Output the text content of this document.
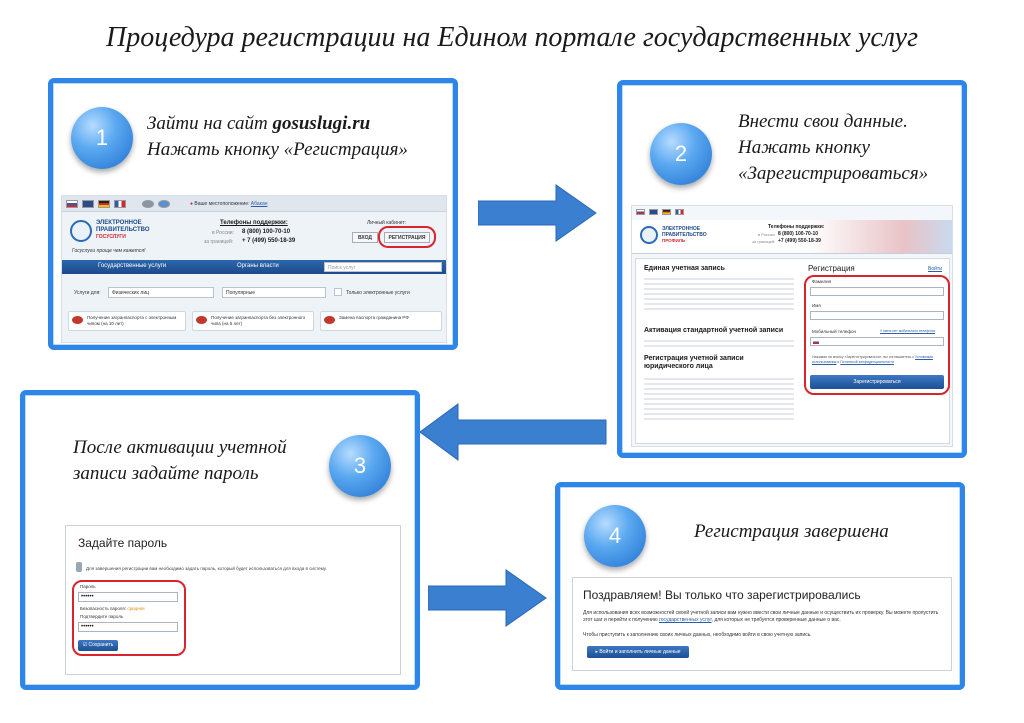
Процедура регистрации на Едином портале государственных услуг
1
Зайти на сайт gosuslugi.ru
Нажать кнопку «Регистрация»
● Ваше местоположение: Абакан
ЭЛЕКТРОННОЕ
ПРАВИТЕЛЬСТВО
ГОСУСЛУГИ
Госуслуги проще чем кажется!
Телефоны поддержки:
в России: 8 (800) 100-70-10
за границей: + 7 (499) 550-18-39
Личный кабинет:
ВХОД	РЕГИСТРАЦИЯ
Государственные услуги	Органы власти	Поиск услуг
Услуги для:	Физических лиц	Популярные	Только электронные услуги
Получение загранпаспорта с электронным чипом (на 10 лет)
Получение загранпаспорта без электронного чипа (на 5 лет)
Замена паспорта гражданина РФ
2
Внести свои данные.
Нажать кнопку
«Зарегистрироваться»
ЭЛЕКТРОННОЕ
ПРАВИТЕЛЬСТВО
ПРОФИЛЬ
Телефоны поддержки:
в России: 8 (800) 100-70-10
за границей: +7 (499) 550-18-39
Единая учетная запись
Активация стандартной учетной записи
Регистрация учетной записи юридического лица
Регистрация	Войти
Фамилия
Имя
Мобильный телефон	У меня нет мобильного телефона
Нажимая на кнопку «Зарегистрироваться», вы соглашаетесь с Условиями использования и Политикой конфиденциальности
Зарегистрироваться
3
После активации учетной
записи задайте пароль
Задайте пароль
Для завершения регистрации вам необходимо задать пароль, который будет использоваться для входа в систему.
Пароль
••••••
Безопасность пароля: средняя
Подтвердите пароль
••••••
☑ Сохранить
4	Регистрация завершена
Поздравляем! Вы только что зарегистрировались
Для использования всех возможностей своей учетной записи вам нужно ввести свои личные данные и осуществить их проверку. Вы можете пропустить этот шаг и перейти к получению государственных услуг, для которых не требуется проверенные данные о вас.
Чтобы приступить к заполнению своих личных данных, необходимо войти в свою учетную запись.
▸ Войти и заполнить личные данные
